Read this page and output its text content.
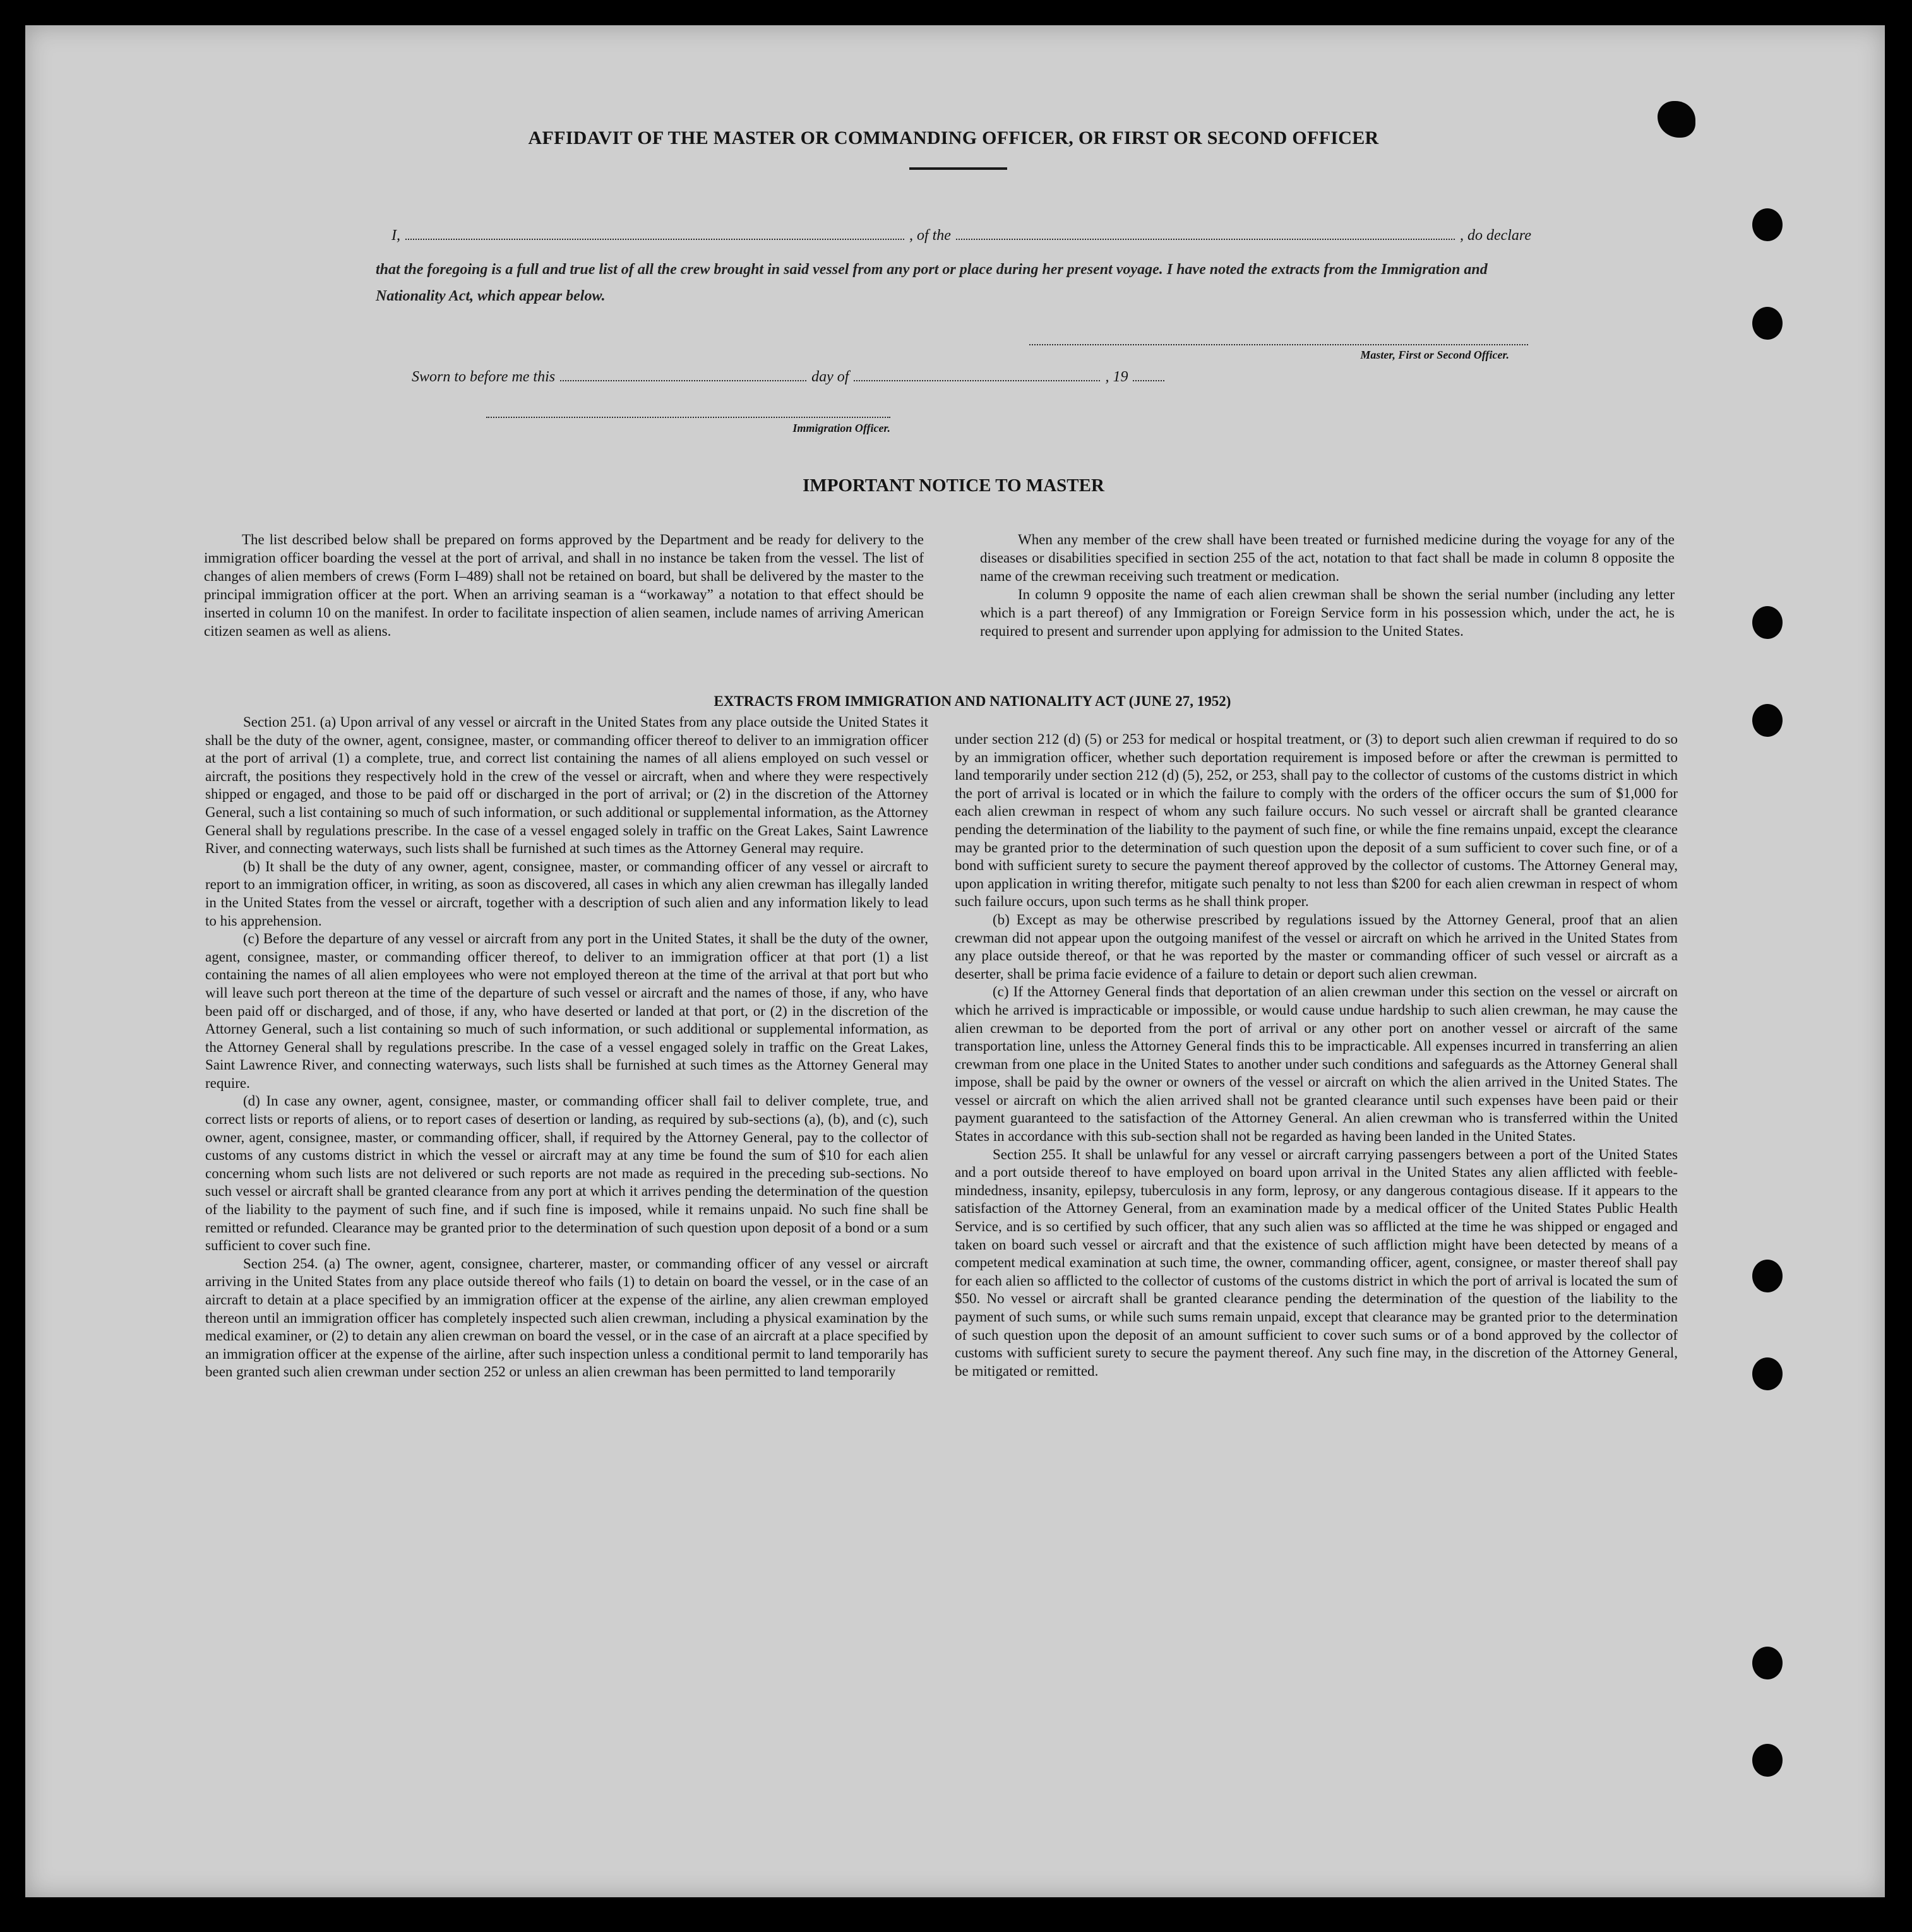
AFFIDAVIT OF THE MASTER OR COMMANDING OFFICER, OR FIRST OR SECOND OFFICER
I,	, of the	, do declare
that the foregoing is a full and true list of all the crew brought in said vessel from any port or place during her present voyage. I have noted the extracts from the Immigration and Nationality Act, which appear below.
Master, First or Second Officer.
Sworn to before me this	day of	, 19
Immigration Officer.
IMPORTANT NOTICE TO MASTER

The list described below shall be prepared on forms approved by the Department and be ready for delivery to the immigration officer boarding the vessel at the port of arrival, and shall in no instance be taken from the vessel. The list of changes of alien members of crews (Form I–489) shall not be retained on board, but shall be delivered by the master to the principal immigration officer at the port. When an arriving seaman is a “workaway” a notation to that effect should be inserted in column 10 on the manifest. In order to facilitate inspection of alien seamen, include names of arriving American citizen seamen as well as aliens.

When any member of the crew shall have been treated or furnished medicine during the voyage for any of the diseases or disabilities specified in section 255 of the act, notation to that fact shall be made in column 8 opposite the name of the crewman receiving such treatment or medication.

In column 9 opposite the name of each alien crewman shall be shown the serial number (including any letter which is a part thereof) of any Immigration or Foreign Service form in his possession which, under the act, he is required to present and surrender upon applying for admission to the United States.

EXTRACTS FROM IMMIGRATION AND NATIONALITY ACT (JUNE 27, 1952)

Section 251. (a) Upon arrival of any vessel or aircraft in the United States from any place outside the United States it shall be the duty of the owner, agent, consignee, master, or commanding officer thereof to deliver to an immigration officer at the port of arrival (1) a complete, true, and correct list containing the names of all aliens employed on such vessel or aircraft, the positions they respectively hold in the crew of the vessel or aircraft, when and where they were respectively shipped or engaged, and those to be paid off or discharged in the port of arrival; or (2) in the discretion of the Attorney General, such a list containing so much of such information, or such additional or supplemental information, as the Attorney General shall by regulations prescribe. In the case of a vessel engaged solely in traffic on the Great Lakes, Saint Lawrence River, and connecting waterways, such lists shall be furnished at such times as the Attorney General may require.

(b) It shall be the duty of any owner, agent, consignee, master, or commanding officer of any vessel or aircraft to report to an immigration officer, in writing, as soon as discovered, all cases in which any alien crewman has illegally landed in the United States from the vessel or aircraft, together with a description of such alien and any information likely to lead to his apprehension.

(c) Before the departure of any vessel or aircraft from any port in the United States, it shall be the duty of the owner, agent, consignee, master, or commanding officer thereof, to deliver to an immigration officer at that port (1) a list containing the names of all alien employees who were not employed thereon at the time of the arrival at that port but who will leave such port thereon at the time of the departure of such vessel or aircraft and the names of those, if any, who have been paid off or discharged, and of those, if any, who have deserted or landed at that port, or (2) in the discretion of the Attorney General, such a list containing so much of such information, or such additional or supplemental information, as the Attorney General shall by regulations prescribe. In the case of a vessel engaged solely in traffic on the Great Lakes, Saint Lawrence River, and connecting waterways, such lists shall be furnished at such times as the Attorney General may require.

(d) In case any owner, agent, consignee, master, or commanding officer shall fail to deliver complete, true, and correct lists or reports of aliens, or to report cases of desertion or landing, as required by sub-sections (a), (b), and (c), such owner, agent, consignee, master, or commanding officer, shall, if required by the Attorney General, pay to the collector of customs of any customs district in which the vessel or aircraft may at any time be found the sum of $10 for each alien concerning whom such lists are not delivered or such reports are not made as required in the preceding sub-sections. No such vessel or aircraft shall be granted clearance from any port at which it arrives pending the determination of the question of the liability to the payment of such fine, and if such fine is imposed, while it remains unpaid. No such fine shall be remitted or refunded. Clearance may be granted prior to the determination of such question upon deposit of a bond or a sum sufficient to cover such fine.

Section 254. (a) The owner, agent, consignee, charterer, master, or commanding officer of any vessel or aircraft arriving in the United States from any place outside thereof who fails (1) to detain on board the vessel, or in the case of an aircraft to detain at a place specified by an immigration officer at the expense of the airline, any alien crewman employed thereon until an immigration officer has completely inspected such alien crewman, including a physical examination by the medical examiner, or (2) to detain any alien crewman on board the vessel, or in the case of an aircraft at a place specified by an immigration officer at the expense of the airline, after such inspection unless a conditional permit to land temporarily has been granted such alien crewman under section 252 or unless an alien crewman has been permitted to land temporarily

under section 212 (d) (5) or 253 for medical or hospital treatment, or (3) to deport such alien crewman if required to do so by an immigration officer, whether such deportation requirement is imposed before or after the crewman is permitted to land temporarily under section 212 (d) (5), 252, or 253, shall pay to the collector of customs of the customs district in which the port of arrival is located or in which the failure to comply with the orders of the officer occurs the sum of $1,000 for each alien crewman in respect of whom any such failure occurs. No such vessel or aircraft shall be granted clearance pending the determination of the liability to the payment of such fine, or while the fine remains unpaid, except the clearance may be granted prior to the determination of such question upon the deposit of a sum sufficient to cover such fine, or of a bond with sufficient surety to secure the payment thereof approved by the collector of customs. The Attorney General may, upon application in writing therefor, mitigate such penalty to not less than $200 for each alien crewman in respect of whom such failure occurs, upon such terms as he shall think proper.

(b) Except as may be otherwise prescribed by regulations issued by the Attorney General, proof that an alien crewman did not appear upon the outgoing manifest of the vessel or aircraft on which he arrived in the United States from any place outside thereof, or that he was reported by the master or commanding officer of such vessel or aircraft as a deserter, shall be prima facie evidence of a failure to detain or deport such alien crewman.

(c) If the Attorney General finds that deportation of an alien crewman under this section on the vessel or aircraft on which he arrived is impracticable or impossible, or would cause undue hardship to such alien crewman, he may cause the alien crewman to be deported from the port of arrival or any other port on another vessel or aircraft of the same transportation line, unless the Attorney General finds this to be impracticable. All expenses incurred in transferring an alien crewman from one place in the United States to another under such conditions and safeguards as the Attorney General shall impose, shall be paid by the owner or owners of the vessel or aircraft on which the alien arrived in the United States. The vessel or aircraft on which the alien arrived shall not be granted clearance until such expenses have been paid or their payment guaranteed to the satisfaction of the Attorney General. An alien crewman who is transferred within the United States in accordance with this sub-section shall not be regarded as having been landed in the United States.

Section 255. It shall be unlawful for any vessel or aircraft carrying passengers between a port of the United States and a port outside thereof to have employed on board upon arrival in the United States any alien afflicted with feeble-mindedness, insanity, epilepsy, tuberculosis in any form, leprosy, or any dangerous contagious disease. If it appears to the satisfaction of the Attorney General, from an examination made by a medical officer of the United States Public Health Service, and is so certified by such officer, that any such alien was so afflicted at the time he was shipped or engaged and taken on board such vessel or aircraft and that the existence of such affliction might have been detected by means of a competent medical examination at such time, the owner, commanding officer, agent, consignee, or master thereof shall pay for each alien so afflicted to the collector of customs of the customs district in which the port of arrival is located the sum of $50. No vessel or aircraft shall be granted clearance pending the determination of the question of the liability to the payment of such sums, or while such sums remain unpaid, except that clearance may be granted prior to the determination of such question upon the deposit of an amount sufficient to cover such sums or of a bond approved by the collector of customs with sufficient surety to secure the payment thereof. Any such fine may, in the discretion of the Attorney General, be mitigated or remitted.
